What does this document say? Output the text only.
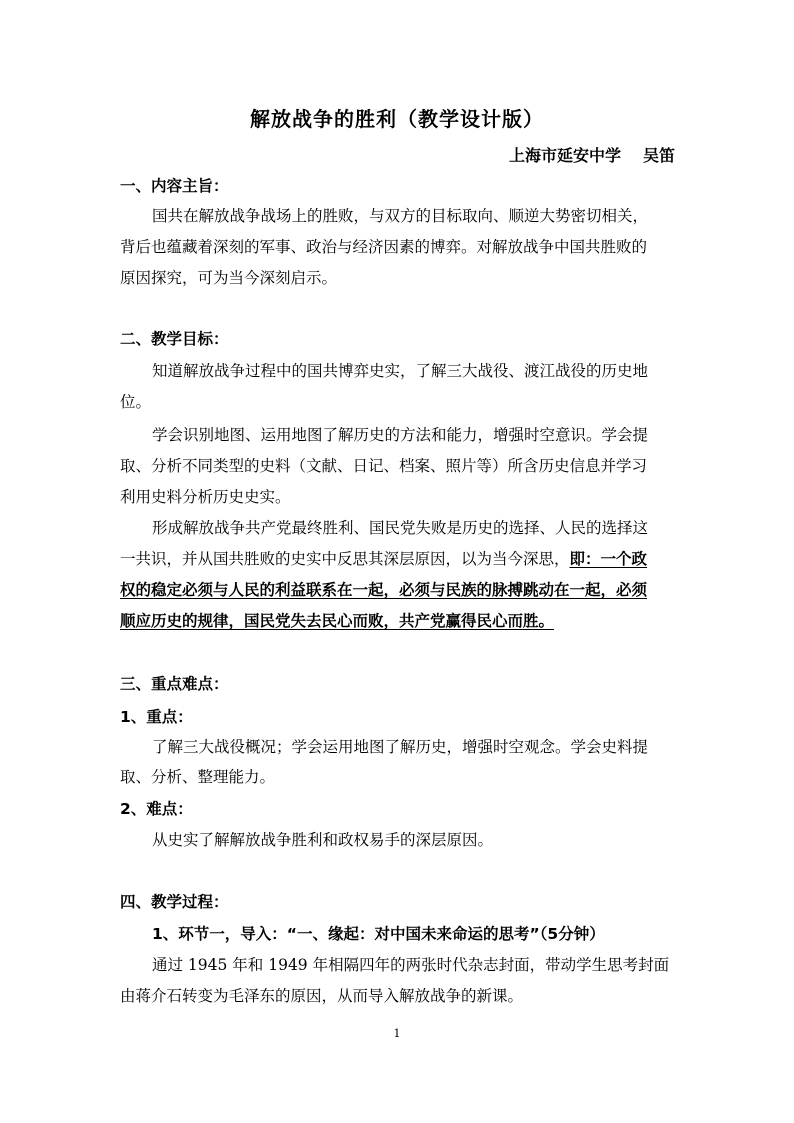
解放战争的胜利（教学设计版）
上海市延安中学 吴笛
一、内容主旨：
国共在解放战争战场上的胜败，与双方的目标取向、顺逆大势密切相关，
背后也蕴藏着深刻的军事、政治与经济因素的博弈。对解放战争中国共胜败的
原因探究，可为当今深刻启示。
二、教学目标：
知道解放战争过程中的国共博弈史实，了解三大战役、渡江战役的历史地
位。
学会识别地图、运用地图了解历史的方法和能力，增强时空意识。学会提
取、分析不同类型的史料（文献、日记、档案、照片等）所含历史信息并学习
利用史料分析历史史实。
形成解放战争共产党最终胜利、国民党失败是历史的选择、人民的选择这
一共识，并从国共胜败的史实中反思其深层原因，以为当今深思，即：一个政
权的稳定必须与人民的利益联系在一起，必须与民族的脉搏跳动在一起，必须
顺应历史的规律，国民党失去民心而败，共产党赢得民心而胜。
三、重点难点：
1、重点：
了解三大战役概况；学会运用地图了解历史，增强时空观念。学会史料提
取、分析、整理能力。
2、难点：
从史实了解解放战争胜利和政权易手的深层原因。
四、教学过程：
1、环节一，导入：“一、缘起：对中国未来命运的思考”（5分钟）
通过 1945 年和 1949 年相隔四年的两张时代杂志封面，带动学生思考封面
由蒋介石转变为毛泽东的原因，从而导入解放战争的新课。
1
